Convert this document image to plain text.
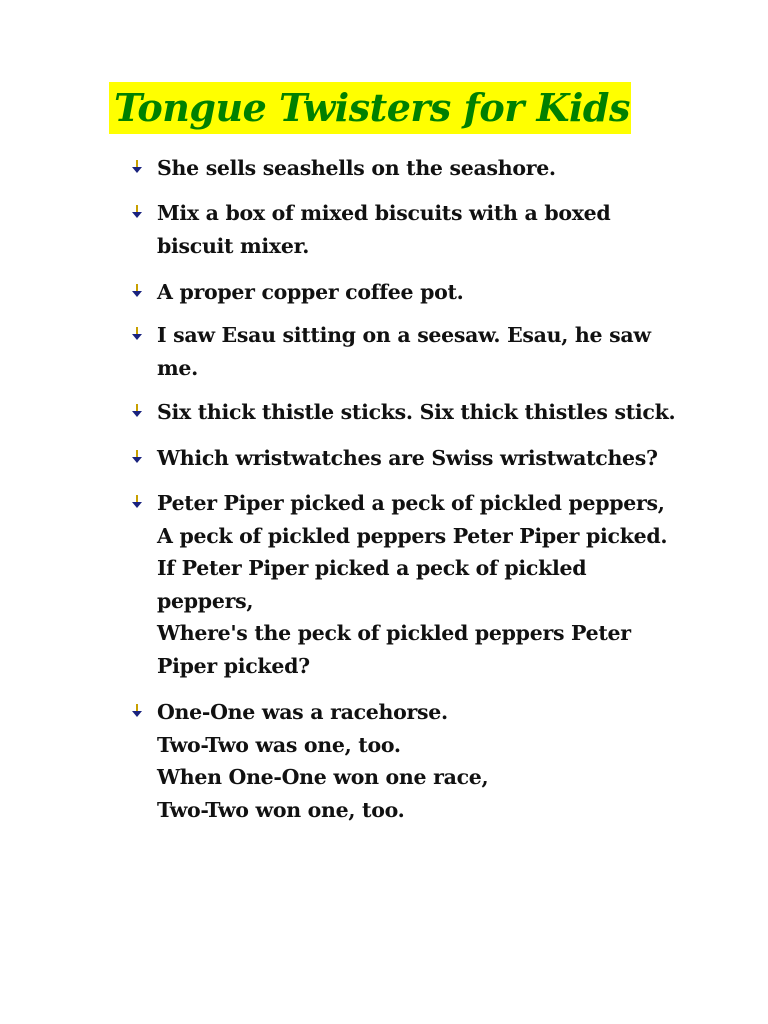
Tongue Twisters for Kids
She sells seashells on the seashore.
Mix a box of mixed biscuits with a boxed
biscuit mixer.
A proper copper coffee pot.
I saw Esau sitting on a seesaw. Esau, he saw
me.
Six thick thistle sticks. Six thick thistles stick.
Which wristwatches are Swiss wristwatches?
Peter Piper picked a peck of pickled peppers,
A peck of pickled peppers Peter Piper picked.
If Peter Piper picked a peck of pickled
peppers,
Where's the peck of pickled peppers Peter
Piper picked?
One-One was a racehorse.
Two-Two was one, too.
When One-One won one race,
Two-Two won one, too.
